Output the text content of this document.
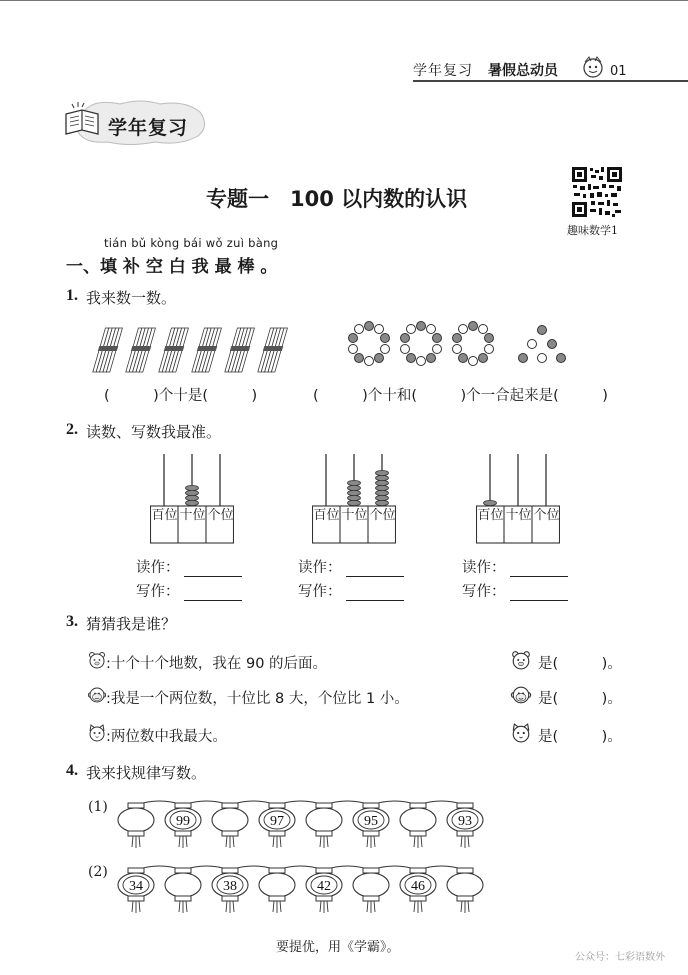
学年复习 暑假总动员	01
学年复习
专题一　100 以内数的认识
趣味数学1
tián bǔ kòng bái wǒ zuì bàng
一、填 补 空 白 我 最 棒 。
1. 我来数一数。
(　　　)个十是(　　　)	(　　　)个十和(　　　)个一合起来是(　　　)
2. 读数、写数我最准。
百位 十位 个位	百位 十位 个位	百位 十位 个位
读作：
写作：
读作：
写作：
读作：
写作：
3. 猜猜我是谁？
:十个十个地数，我在 90 的后面。	是(　　　)。
:我是一个两位数，十位比 8 大，个位比 1 小。	是(　　　)。
:两位数中我最大。	是(　　　)。
4. 我来找规律写数。
(1)
99	97	95	93
(2)
34	38	42	46
要提优，用《学霸》。
公众号：七彩语数外
